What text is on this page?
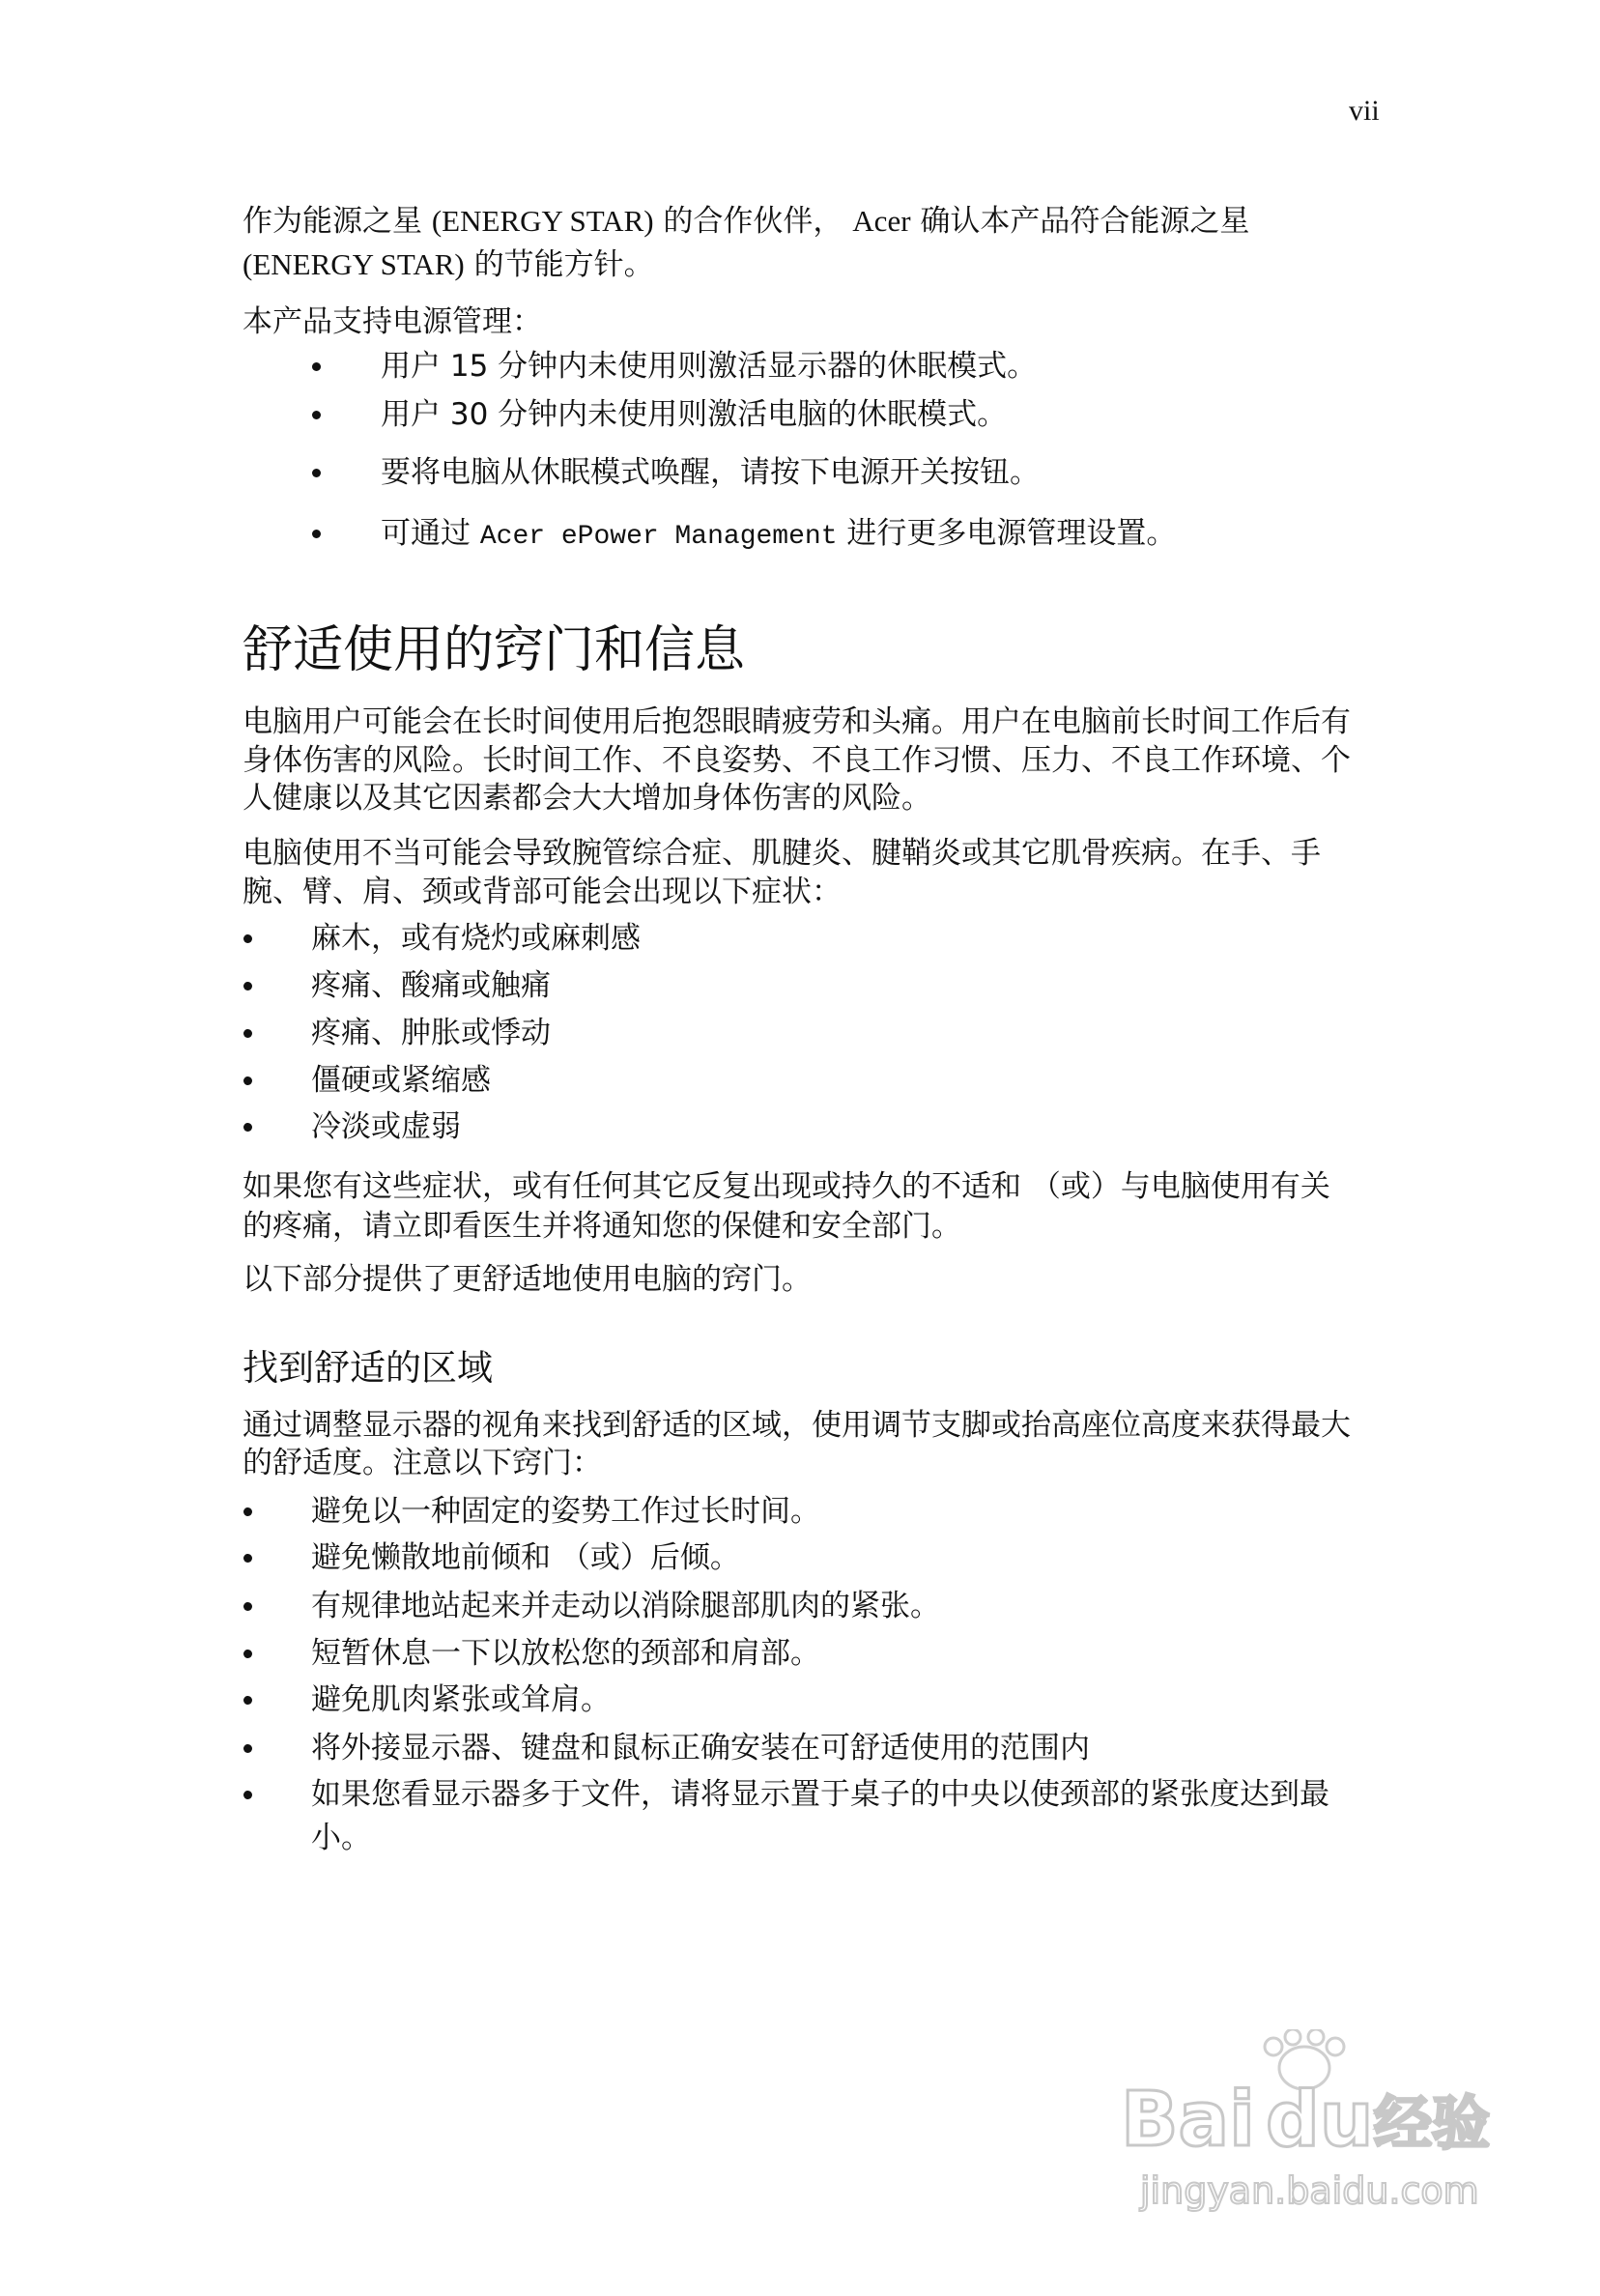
vii
作为能源之星 (ENERGY STAR) 的合作伙伴， Acer 确认本产品符合能源之星
(ENERGY STAR) 的节能方针。
本产品支持电源管理：
用户 15 分钟内未使用则激活显示器的休眠模式。
用户 30 分钟内未使用则激活电脑的休眠模式。
要将电脑从休眠模式唤醒，请按下电源开关按钮。
可通过 Acer ePower Management 进行更多电源管理设置。
舒适使用的窍门和信息
电脑用户可能会在长时间使用后抱怨眼睛疲劳和头痛。用户在电脑前长时间工作后有
身体伤害的风险。长时间工作、不良姿势、不良工作习惯、压力、不良工作环境、个
人健康以及其它因素都会大大增加身体伤害的风险。
电脑使用不当可能会导致腕管综合症、肌腱炎、腱鞘炎或其它肌骨疾病。在手、手
腕、臂、肩、颈或背部可能会出现以下症状：
麻木，或有烧灼或麻刺感
疼痛、酸痛或触痛
疼痛、肿胀或悸动
僵硬或紧缩感
冷淡或虚弱
如果您有这些症状，或有任何其它反复出现或持久的不适和 （或）与电脑使用有关
的疼痛，请立即看医生并将通知您的保健和安全部门。
以下部分提供了更舒适地使用电脑的窍门。
通过调整显示器的视角来找到舒适的区域，使用调节支脚或抬高座位高度来获得最大
的舒适度。注意以下窍门：
避免以一种固定的姿势工作过长时间。
避免懒散地前倾和 （或）后倾。
有规律地站起来并走动以消除腿部肌肉的紧张。
短暂休息一下以放松您的颈部和肩部。
避免肌肉紧张或耸肩。
将外接显示器、键盘和鼠标正确安装在可舒适使用的范围内
如果您看显示器多于文件，请将显示置于桌子的中央以使颈部的紧张度达到最
小。
找到舒适的区域
Bai du 经验
jingyan.baidu.com
